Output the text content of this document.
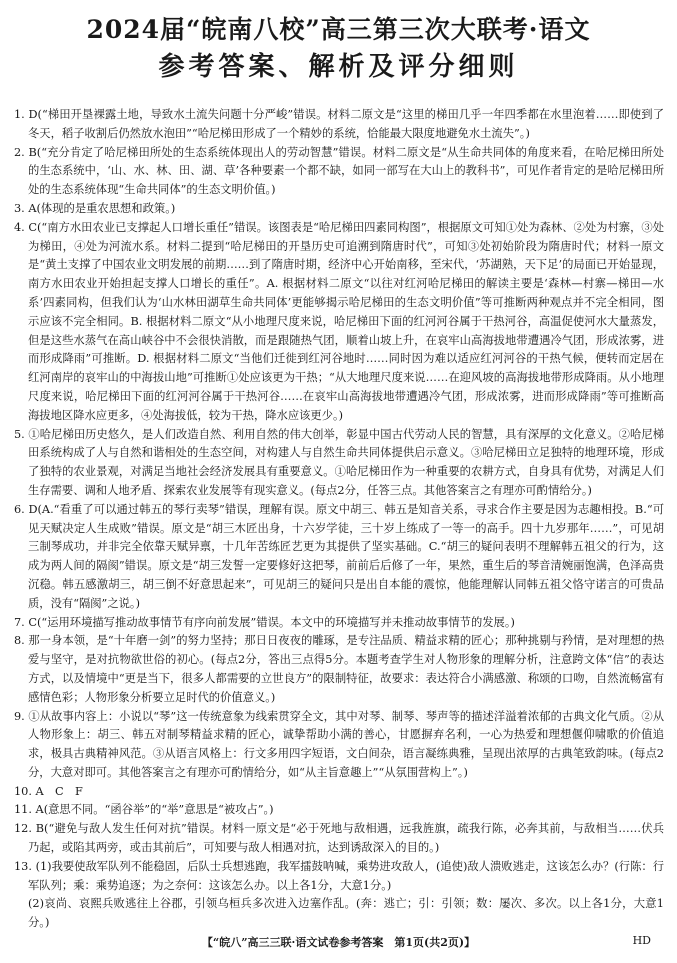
2024届“皖南八校”高三第三次大联考·语文
参考答案、解析及评分细则

1. D(“梯田开垦裸露土地，导致水土流失问题十分严峻”错误。材料二原文是“这里的梯田几乎一年四季都在水里泡着……即使到了冬天，稻子收割后仍然放水泡田”“哈尼梯田形成了一个精妙的系统，恰能最大限度地避免水土流失”。)

2. B(“充分肯定了哈尼梯田所处的生态系统体现出人的劳动智慧”错误。材料二原文是“从生命共同体的角度来看，在哈尼梯田所处的生态系统中，‘山、水、林、田、湖、草’各种要素一个都不缺，如同一部写在大山上的教科书”，可见作者肯定的是哈尼梯田所处的生态系统体现“生命共同体”的生态文明价值。)

3. A(体现的是重农思想和政策。)

4. C(“南方水田农业已支撑起人口增长重任”错误。该图表是“哈尼梯田四素同构图”，根据原文可知①处为森林、②处为村寨，③处为梯田，④处为河流水系。材料二提到“哈尼梯田的开垦历史可追溯到隋唐时代”，可知③处初始阶段为隋唐时代；材料一原文是“黄土支撑了中国农业文明发展的前期……到了隋唐时期，经济中心开始南移，至宋代，‘苏湖熟，天下足’的局面已开始显现，南方水田农业开始担起支撑人口增长的重任”。A. 根据材料二原文“以往对红河哈尼梯田的解读主要是‘森林—村寨—梯田—水系’四素同构，但我们认为‘山水林田湖草生命共同体’更能够揭示哈尼梯田的生态文明价值”等可推断两种观点并不完全相同，图示应该不完全相同。B. 根据材料二原文“从小地理尺度来说，哈尼梯田下面的红河河谷属于干热河谷，高温促使河水大量蒸发，但是这些水蒸气在高山峡谷中不会很快消散，而是跟随热气团，顺着山坡上升，在哀牢山高海拔地带遭遇冷气团，形成浓雾，进而形成降雨”可推断。D. 根据材料二原文“当他们迁徙到红河谷地时……同时因为难以适应红河河谷的干热气候，便转而定居在红河南岸的哀牢山的中海拔山地”可推断①处应该更为干热；“从大地理尺度来说……在迎风坡的高海拔地带形成降雨。从小地理尺度来说，哈尼梯田下面的红河河谷属于干热河谷……在哀牢山高海拔地带遭遇冷气团，形成浓雾，进而形成降雨”等可推断高海拔地区降水应更多，④处海拔低，较为干热，降水应该更少。)

5. ①哈尼梯田历史悠久，是人们改造自然、利用自然的伟大创举，彰显中国古代劳动人民的智慧，具有深厚的文化意义。②哈尼梯田系统构成了人与自然和谐相处的生态空间，对构建人与自然生命共同体提供启示意义。③哈尼梯田立足独特的地理环境，形成了独特的农业景观，对满足当地社会经济发展具有重要意义。①哈尼梯田作为一种重要的农耕方式，自身具有优势，对满足人们生存需要、调和人地矛盾、探索农业发展等有现实意义。(每点2分，任答三点。其他答案言之有理亦可酌情给分。)

6. D(A.“看重了可以通过韩五的琴行卖琴”错误，理解有误。原文中胡三、韩五是知音关系，寻求合作主要是因为志趣相投。B.“可见天赋决定人生成败”错误。原文是“胡三木匠出身，十六岁学徒，三十岁上练成了一等一的高手。四十九岁那年……”，可见胡三制琴成功，并非完全依靠天赋异禀，十几年苦练匠艺更为其提供了坚实基础。C.“胡三的疑问表明不理解韩五祖父的行为，这成为两人间的隔阂”错误。原文是“胡三发誓一定要修好这把琴，前前后后修了一年，果然，重生后的琴音清婉丽饱满，色泽高贵沉稳。韩五感激胡三，胡三倒不好意思起来”，可见胡三的疑问只是出自本能的震惊，他能理解认同韩五祖父恪守诺言的可贵品质，没有“隔阂”之说。)

7. C(“运用环境描写推动故事情节有序向前发展”错误。本文中的环境描写并未推动故事情节的发展。)

8. 那一身本领，是“十年磨一剑”的努力坚持；那日日夜夜的雕琢，是专注品质、精益求精的匠心；那种挑剔与矜情，是对理想的热爱与坚守，是对抗物欲世俗的初心。(每点2分，答出三点得5分。本题考查学生对人物形象的理解分析，注意跨文体“信”的表达方式，以及情境中“更是当下，很多人都需要的立世良方”的限制特征，故要求：表达符合小满感激、称颂的口吻，自然流畅富有感情色彩；人物形象分析要立足时代的价值意义。)

9. ①从故事内容上：小说以“琴”这一传统意象为线索贯穿全文，其中对琴、制琴、琴声等的描述洋溢着浓郁的古典文化气质。②从人物形象上：胡三、韩五对制琴精益求精的匠心，诚挚帮助小满的善心，甘愿摒弃名利，一心为热爱和理想偃仰啸歌的价值追求，极具古典精神风范。③从语言风格上：行文多用四字短语，文白间杂，语言凝练典雅，呈现出浓厚的古典笔致韵味。(每点2分，大意对即可。其他答案言之有理亦可酌情给分，如“从主旨意趣上”“从氛围营构上”。)

10. A　C　F

11. A(意思不同。“函谷举”的“举”意思是“被攻占”。)

12. B(“避免与敌人发生任何对抗”错误。材料一原文是“必于死地与敌相遇，远我旌旗，疏我行陈，必奔其前，与敌相当……伏兵乃起，或陷其两旁，或击其前后”，可知要与敌人相遇对抗，达到诱敌深入的目的。)

13. (1)我要使敌军队列不能稳固，后队士兵想逃跑，我军擂鼓呐喊，乘势进攻敌人，(追使)敌人溃败逃走，这该怎么办？(行陈：行军队列；乘：乘势追逐；为之奈何：这该怎么办。以上各1分，大意1分。)

(2)哀尚、哀熙兵败逃往上谷郡，引领乌桓兵多次进入边塞作乱。(奔：逃亡；引：引领；数：屡次、多次。以上各1分，大意1分。)

【“皖八”高三三联·语文试卷参考答案　第1页(共2页)】	HD
